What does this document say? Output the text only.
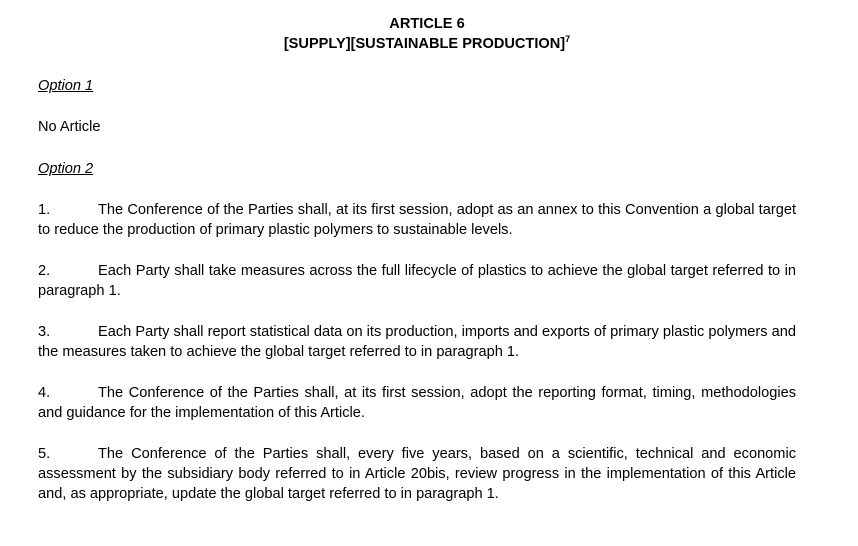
ARTICLE 6
[SUPPLY][SUSTAINABLE PRODUCTION]$^7$
Option 1
No Article
Option 2
1.	The Conference of the Parties shall, at its first session, adopt as an annex to this Convention a global target to reduce the production of primary plastic polymers to sustainable levels.
2.	Each Party shall take measures across the full lifecycle of plastics to achieve the global target referred to in paragraph 1.
3.	Each Party shall report statistical data on its production, imports and exports of primary plastic polymers and the measures taken to achieve the global target referred to in paragraph 1.
4.	The Conference of the Parties shall, at its first session, adopt the reporting format, timing, methodologies and guidance for the implementation of this Article.
5.	The Conference of the Parties shall, every five years, based on a scientific, technical and economic assessment by the subsidiary body referred to in Article 20bis, review progress in the implementation of this Article and, as appropriate, update the global target referred to in paragraph 1.
